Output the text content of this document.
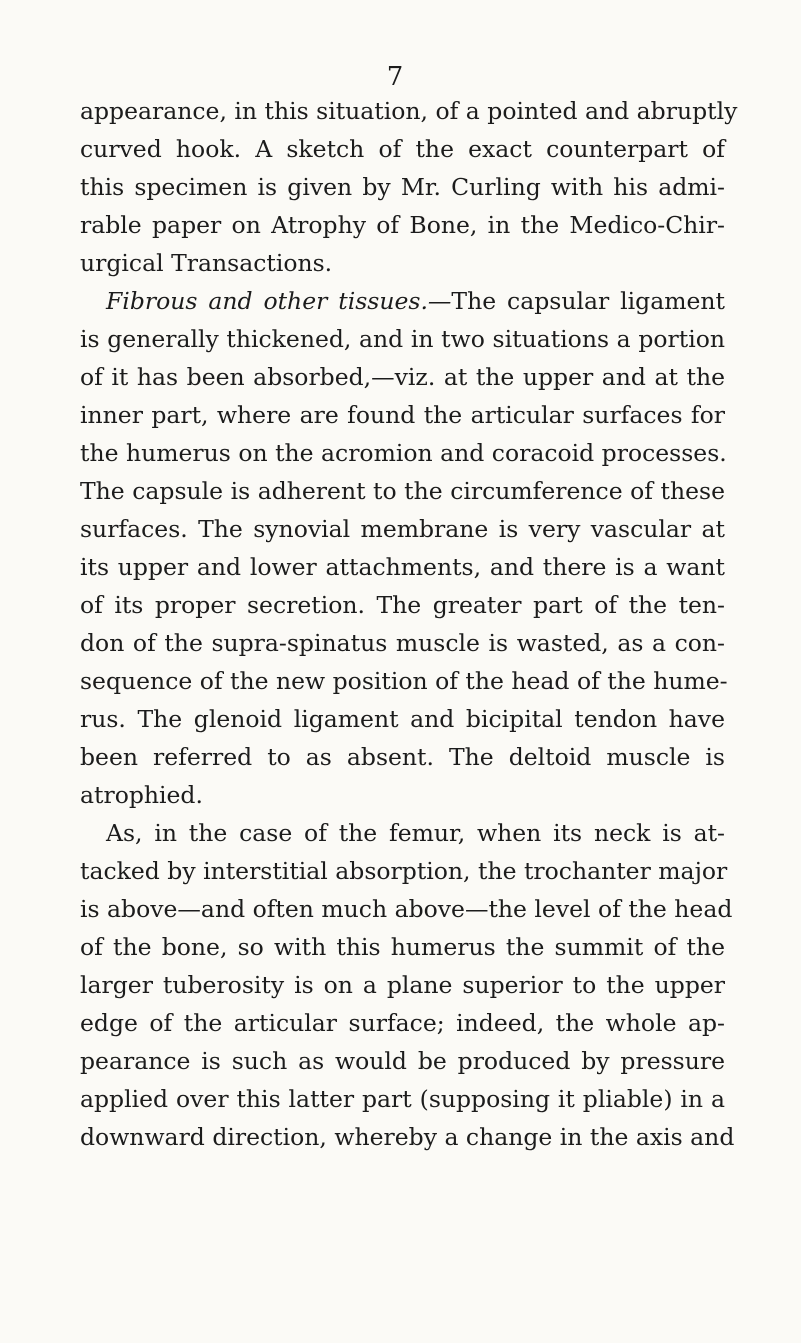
7
appearance, in this situation, of a pointed and abruptly
curved hook. A sketch of the exact counterpart of
this specimen is given by Mr. Curling with his admi-
rable paper on Atrophy of Bone, in the Medico-Chir-
urgical Transactions.
Fibrous and other tissues.—The capsular ligament
is generally thickened, and in two situations a portion
of it has been absorbed,—viz. at the upper and at the
inner part, where are found the articular surfaces for
the humerus on the acromion and coracoid processes.
The capsule is adherent to the circumference of these
surfaces. The synovial membrane is very vascular at
its upper and lower attachments, and there is a want
of its proper secretion. The greater part of the ten-
don of the supra-spinatus muscle is wasted, as a con-
sequence of the new position of the head of the hume-
rus. The glenoid ligament and bicipital tendon have
been referred to as absent. The deltoid muscle is
atrophied.
As, in the case of the femur, when its neck is at-
tacked by interstitial absorption, the trochanter major
is above—and often much above—the level of the head
of the bone, so with this humerus the summit of the
larger tuberosity is on a plane superior to the upper
edge of the articular surface; indeed, the whole ap-
pearance is such as would be produced by pressure
applied over this latter part (supposing it pliable) in a
downward direction, whereby a change in the axis and
